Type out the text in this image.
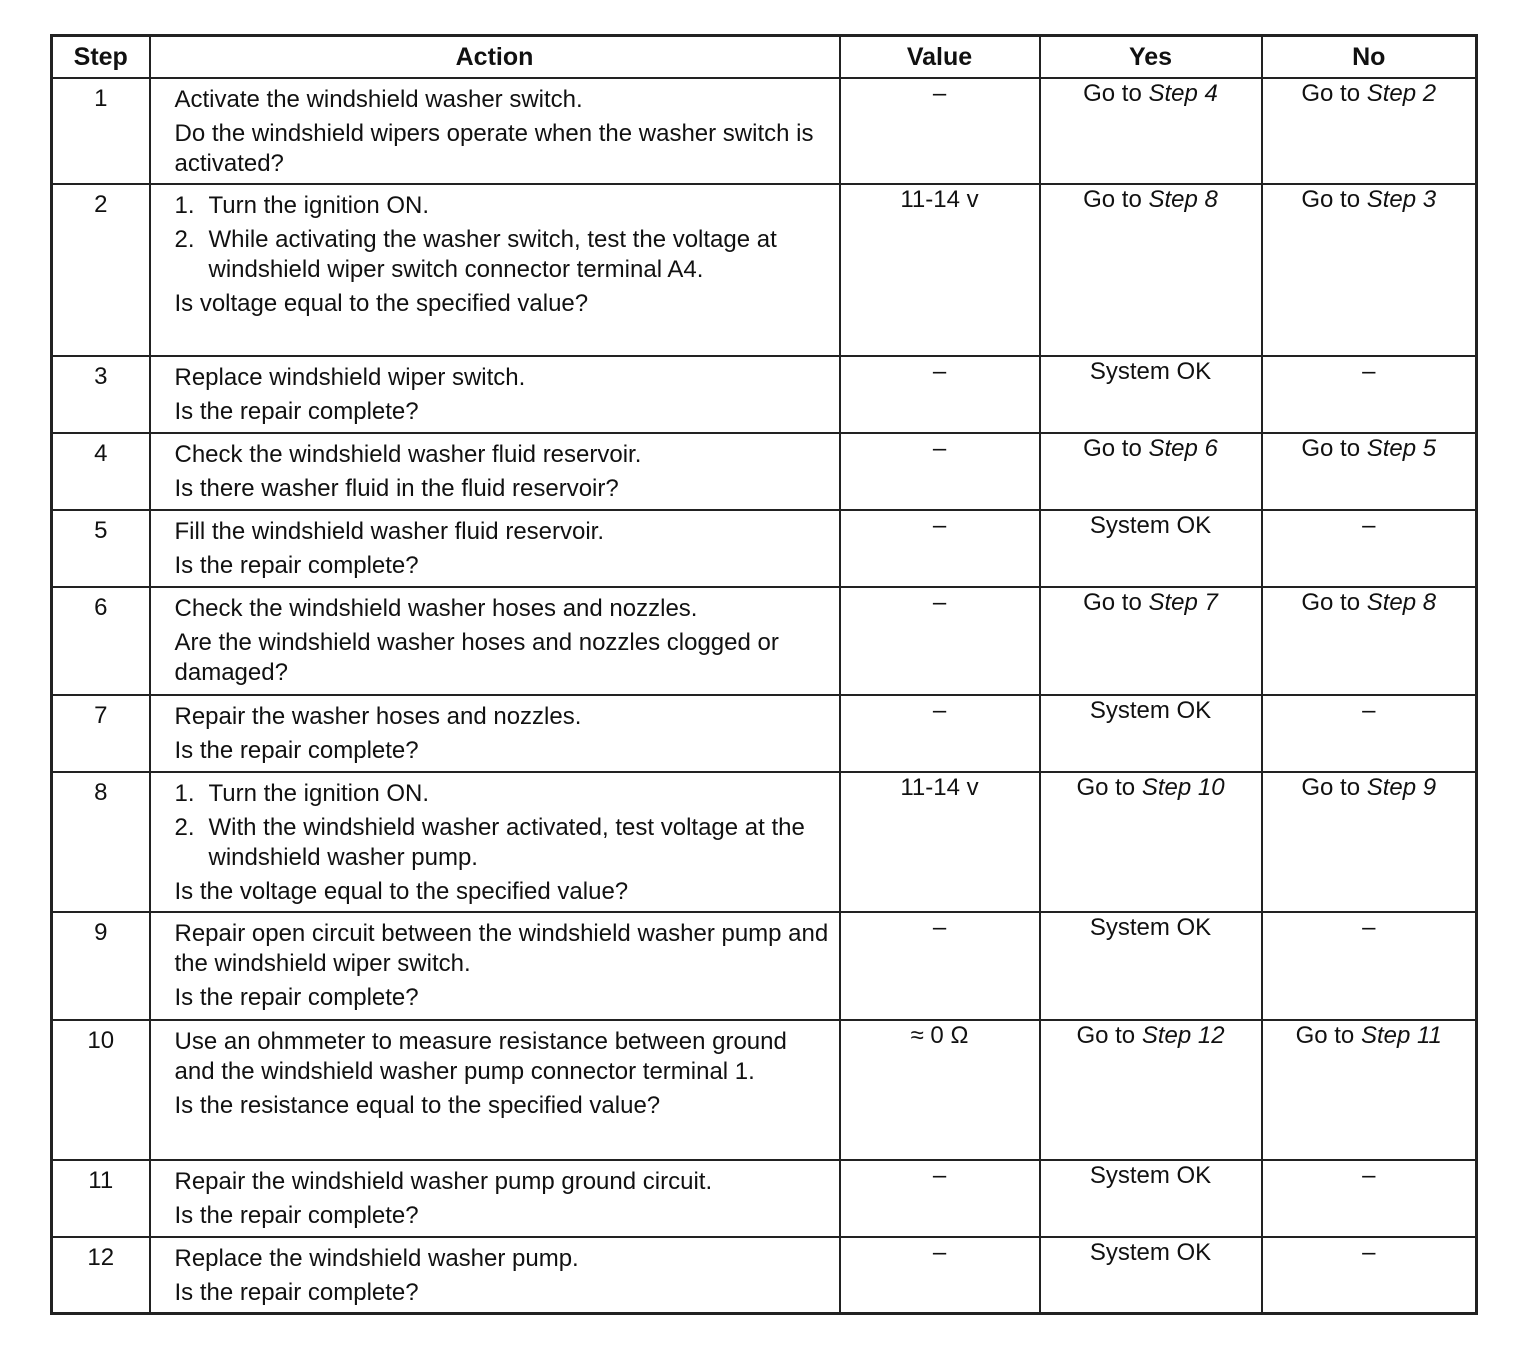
Step	Action	Value	Yes	No
1	Activate the windshield washer switch.
Do the windshield wipers operate when the washer switch is activated?	–	Go to Step 4	Go to Step 2
2	1. Turn the ignition ON.
2. While activating the washer switch, test the voltage at windshield wiper switch connector terminal A4.
Is voltage equal to the specified value?	11-14 v	Go to Step 8	Go to Step 3
3	Replace windshield wiper switch.
Is the repair complete?	–	System OK	–
4	Check the windshield washer fluid reservoir.
Is there washer fluid in the fluid reservoir?	–	Go to Step 6	Go to Step 5
5	Fill the windshield washer fluid reservoir.
Is the repair complete?	–	System OK	–
6	Check the windshield washer hoses and nozzles.
Are the windshield washer hoses and nozzles clogged or damaged?	–	Go to Step 7	Go to Step 8
7	Repair the washer hoses and nozzles.
Is the repair complete?	–	System OK	–
8	1. Turn the ignition ON.
2. With the windshield washer activated, test voltage at the windshield washer pump.
Is the voltage equal to the specified value?	11-14 v	Go to Step 10	Go to Step 9
9	Repair open circuit between the windshield washer pump and the windshield wiper switch.
Is the repair complete?	–	System OK	–
10	Use an ohmmeter to measure resistance between ground and the windshield washer pump connector terminal 1.
Is the resistance equal to the specified value?	≈ 0 Ω	Go to Step 12	Go to Step 11
11	Repair the windshield washer pump ground circuit.
Is the repair complete?	–	System OK	–
12	Replace the windshield washer pump.
Is the repair complete?	–	System OK	–
